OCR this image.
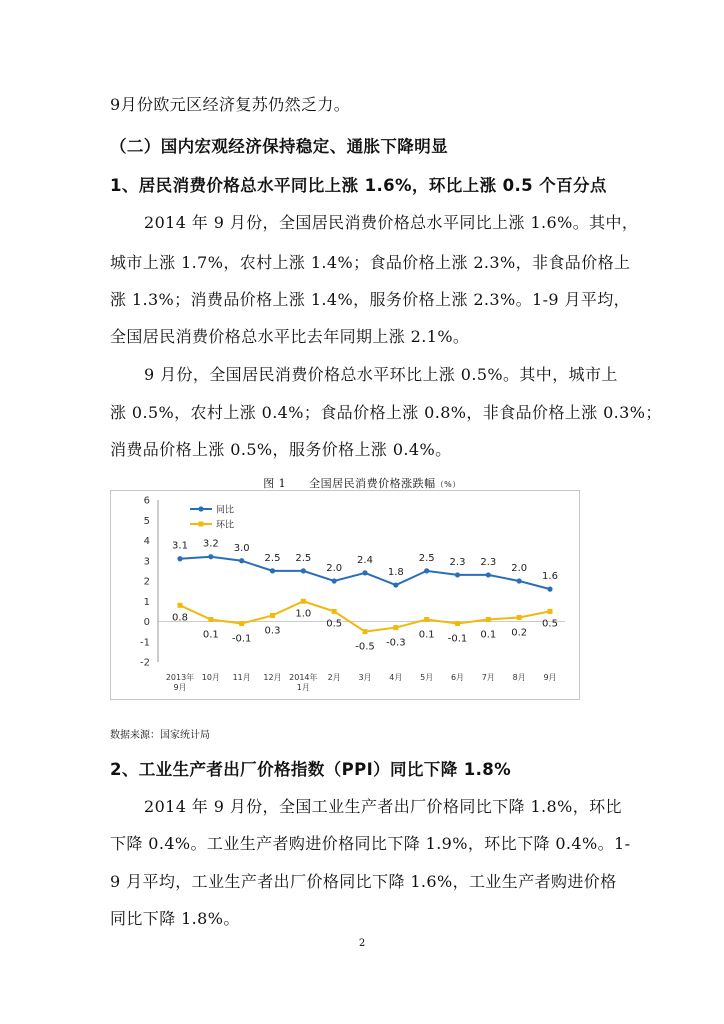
9月份欧元区经济复苏仍然乏力。
（二）国内宏观经济保持稳定、通胀下降明显
1、居民消费价格总水平同比上涨 1.6%，环比上涨 0.5 个百分点
2014 年 9 月份，全国居民消费价格总水平同比上涨 1.6%。其中，
城市上涨 1.7%，农村上涨 1.4%；食品价格上涨 2.3%，非食品价格上
涨 1.3%；消费品价格上涨 1.4%，服务价格上涨 2.3%。1-9 月平均，
全国居民消费价格总水平比去年同期上涨 2.1%。
9 月份，全国居民消费价格总水平环比上涨 0.5%。其中，城市上
涨 0.5%，农村上涨 0.4%；食品价格上涨 0.8%，非食品价格上涨 0.3%；
消费品价格上涨 0.5%，服务价格上涨 0.4%。
图 1　　全国居民消费价格涨跌幅（%）
-2
-1
0
1
2
3
4
5
6
2013年 9月
10月 11月 12月 2014年 1月
2月 3月 4月 5月 6月 7月 8月 9月
3.1 3.2 3.0
2.5 2.5
2.0
2.4
1.8
2.5 2.3 2.3
2.0
1.6
0.8
0.1 -0.1
0.3
1.0
0.5
-0.5 -0.3
0.1 -0.1 0.1 0.2
0.5
同比
环比
数据来源：国家统计局
2、工业生产者出厂价格指数（PPI）同比下降 1.8%
2014 年 9 月份，全国工业生产者出厂价格同比下降 1.8%，环比
下降 0.4%。工业生产者购进价格同比下降 1.9%，环比下降 0.4%。1-
9 月平均，工业生产者出厂价格同比下降 1.6%，工业生产者购进价格
同比下降 1.8%。
2
